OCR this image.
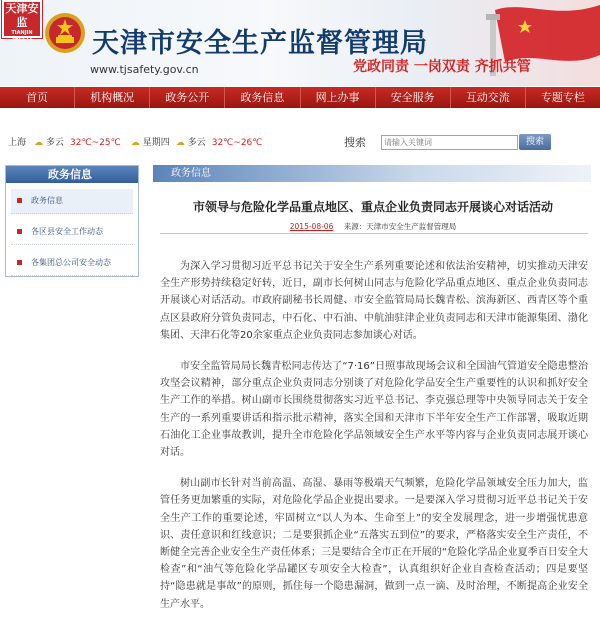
天津安监
TIANJIN SAFETY 天津市安全生产监督管理局
www.tjsafety.gov.cn	党政同责 一岗双责 齐抓共管
首页	机构概况	政务公开	政务信息	网上办事	安全服务	互动交流	专题专栏
上海 ☁ 多云 32℃~25℃ ☁ 星期四 ☁ 多云 32℃~26℃	搜索
请输入关键词	搜索
政务信息
政务信息
各区县安全工作动态
各集团总公司安全动态
政务信息
市领导与危险化学品重点地区、重点企业负责同志开展谈心对话活动
2015-08-06 来源：天津市安全生产监督管理局

为深入学习贯彻习近平总书记关于安全生产系列重要论述和依法治安精神，切实推动天津安全生产形势持续稳定好转，近日，副市长何树山同志与危险化学品重点地区、重点企业负责同志开展谈心对话活动。市政府副秘书长周健、市安全监管局局长魏青松、滨海新区、西青区等个重点区县政府分管负责同志，中石化、中石油、中航油驻津企业负责同志和天津市能源集团、渤化集团、天津石化等20余家重点企业负责同志参加谈心对话。

市安全监管局局长魏青松同志传达了“7·16”日照事故现场会议和全国油气管道安全隐患整治攻坚会议精神，部分重点企业负责同志分别谈了对危险化学品安全生产重要性的认识和抓好安全生产工作的举措。树山副市长围绕贯彻落实习近平总书记、李克强总理等中央领导同志关于安全生产的一系列重要讲话和指示批示精神，落实全国和天津市下半年安全生产工作部署，吸取近期石油化工企业事故教训，提升全市危险化学品领域安全生产水平等内容与企业负责同志展开谈心对话。

树山副市长针对当前高温、高湿、暴雨等极端天气频繁，危险化学品领域安全压力加大，监管任务更加繁重的实际，对危险化学品企业提出要求。一是要深入学习贯彻习近平总书记关于安全生产工作的重要论述，牢固树立“以人为本、生命至上”的安全发展理念，进一步增强忧患意识、责任意识和红线意识；二是要狠抓企业“五落实五到位”的要求，严格落实安全生产责任，不断健全完善企业安全生产责任体系；三是要结合全市正在开展的“危险化学品企业夏季百日安全大检查”和“油气等危险化学品罐区专项安全大检查”，认真组织好企业自查检查活动；四是要坚持“隐患就是事故”的原则，抓住每一个隐患漏洞，做到一点一滴、及时治理，不断提高企业安全生产水平。
